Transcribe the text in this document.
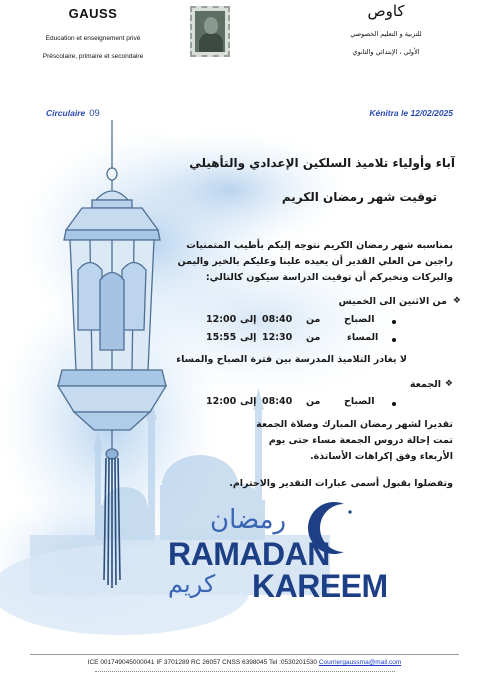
GAUSS
Education et enseignement privé
Préscolaire, primaire et secondaire
كاوص
للتربية و التعليم الخصوصي
الأولي ، الإبتدائي والثانوي
Circulaire 09	Kénitra le 12/02/2025
آباء وأولياء تلاميذ السلكين الإعدادي والتأهيلي
توقيت شهر رمضان الكريم
بمناسبه شهر رمضان الكريم نتوجه إليكم بأطيب المتمنيات راجين من العلي القدير أن يعيده علينا وعليكم بالخير واليمن والبركات ونخبركم أن توقيت الدراسة سيكون كالتالي:
❖
من الاثنين الى الخميس
الصباح
من
08:40
إلى
12:00
المساء
من
12:30
إلى
15:55
لا يغادر التلاميذ المدرسة بين فترة الصباح والمساء
❖
الجمعة
الصباح
من
08:40
إلى
12:00
تقديرا لشهر رمضان المبارك وصلاة الجمعة تمت إحالة دروس الجمعة مساء حتى يوم الأربعاء وفق إكراهات الأساتذة.
وتفضلوا بقبول أسمى عبارات التقدير والاحترام.
رمضان
RAMADAN
كريم KAREEM
ICE 001749045000041 IF 3701289 RC 26057 CNSS 6398045 Tel :0530201530 Courriergaussma@mail.com
